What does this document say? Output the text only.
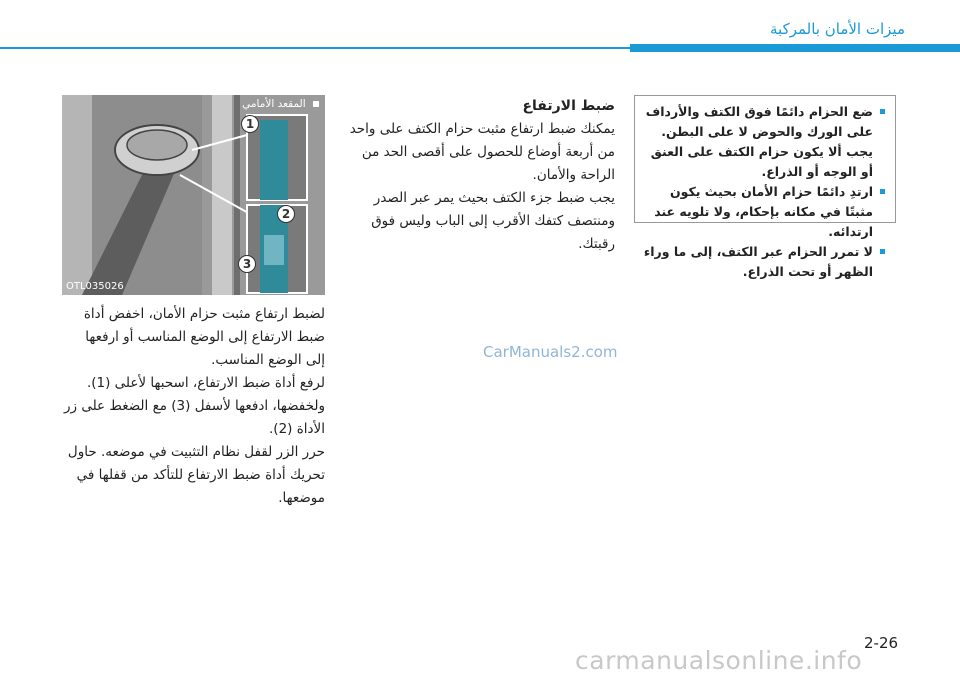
ميزات الأمان بالمركبة
ضع الحزام دائمًا فوق الكتف والأرداف على الورك والحوض لا على البطن. يجب ألا يكون حزام الكتف على العنق أو الوجه أو الذراع.
ارتدِ دائمًا حزام الأمان بحيث يكون مثبتًا في مكانه بإحكام، ولا تلويه عند ارتدائه.
لا تمرر الحزام عبر الكتف، إلى ما وراء الظهر أو تحت الذراع.

ضبط الارتفاع

يمكنك ضبط ارتفاع مثبت حزام الكتف على واحد من أربعة أوضاع للحصول على أقصى الحد من الراحة والأمان.

يجب ضبط جزء الكتف بحيث يمر عبر الصدر ومنتصف كتفك الأقرب إلى الباب وليس فوق رقبتك.

المقعد الأمامي
1
2
3
OTL035026

لضبط ارتفاع مثبت حزام الأمان، اخفض أداة ضبط الارتفاع إلى الوضع المناسب أو ارفعها إلى الوضع المناسب.

لرفع أداة ضبط الارتفاع، اسحبها لأعلى (1).

ولخفضها، ادفعها لأسفل (3) مع الضغط على زر الأداة (2).

حرر الزر لقفل نظام التثبيت في موضعه. حاول تحريك أداة ضبط الارتفاع للتأكد من قفلها في موضعها.

CarManuals2.com
2-26
carmanualsonline.info
